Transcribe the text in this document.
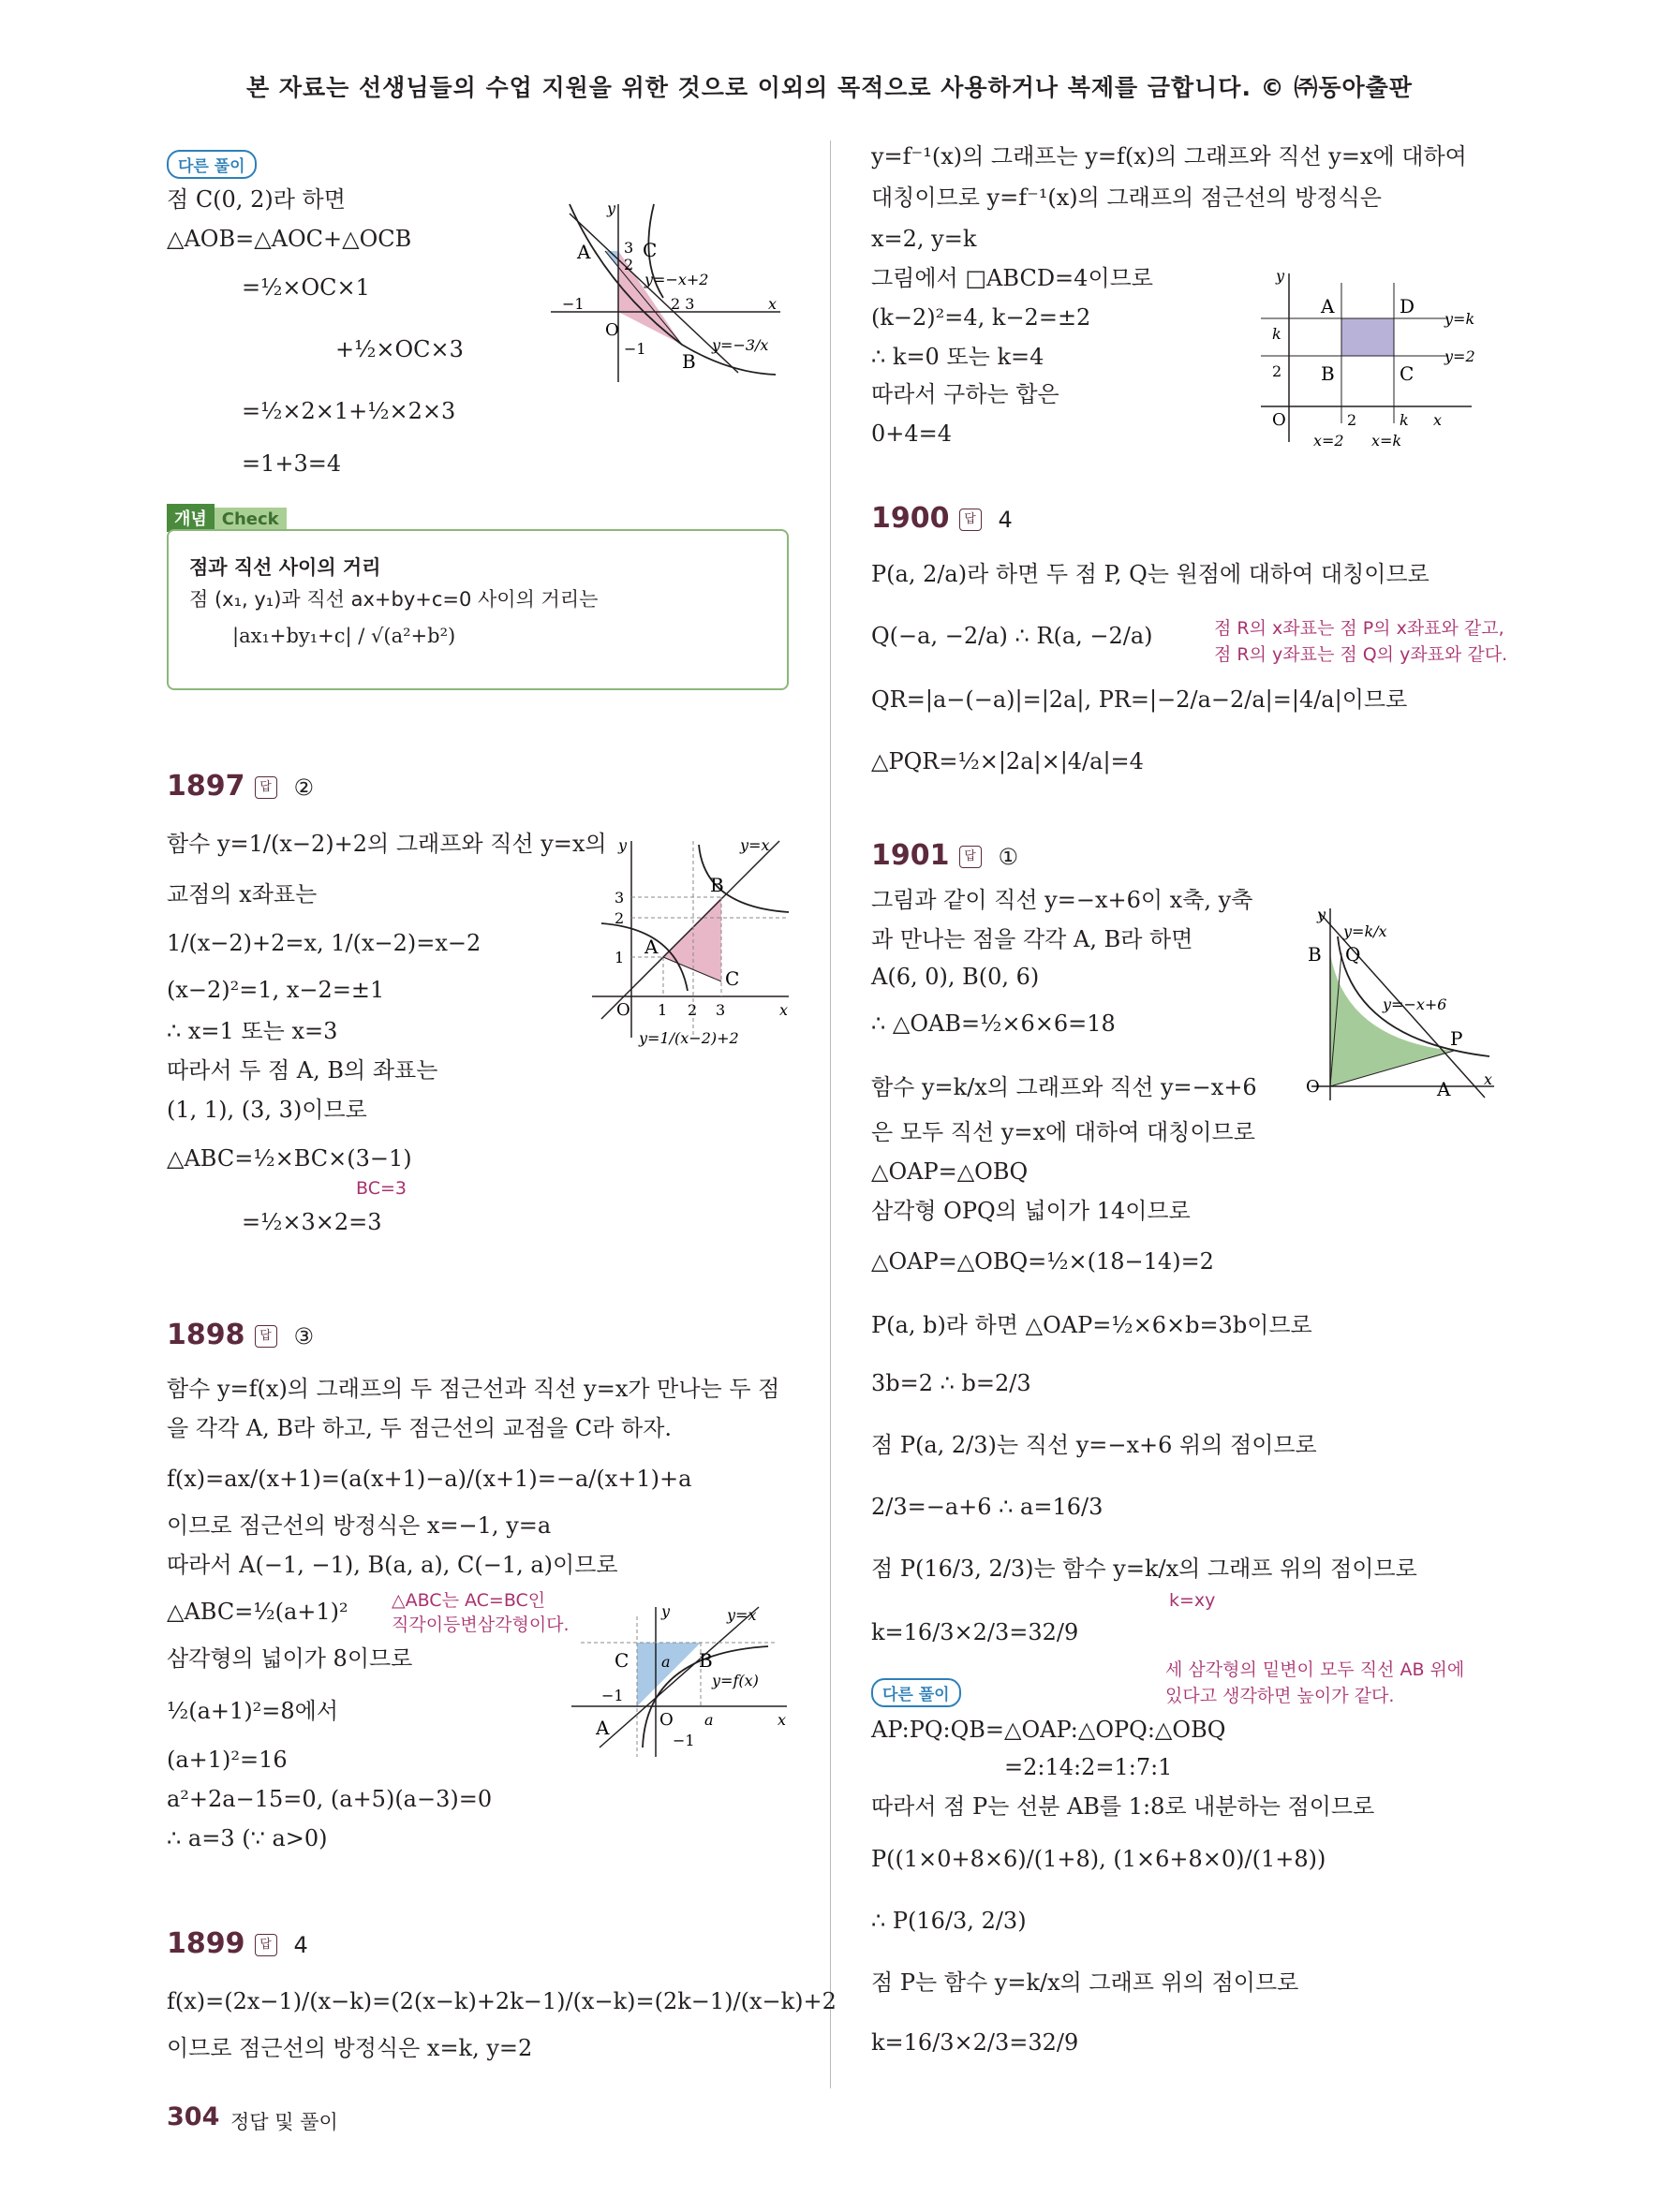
본 자료는 선생님들의 수업 지원을 위한 것으로 이외의 목적으로 사용하거나 복제를 금합니다. © ㈜동아출판
다른 풀이
점 C(0, 2)라 하면
△AOB=△AOC+△OCB
=½×OC×1
+½×OC×3
=½×2×1+½×2×3
=1+3=4
A
B
C
O
y
x
−1
3
2
2 3
−1
y=−x+2
y=−3/x
개념 Check
점과 직선 사이의 거리
점 (x₁, y₁)과 직선 ax+by+c=0 사이의 거리는
|ax₁+by₁+c| / √(a²+b²)
1897 답 ②
함수 y=1/(x−2)+2의 그래프와 직선 y=x의
교점의 x좌표는
1/(x−2)+2=x, 1/(x−2)=x−2
(x−2)²=1, x−2=±1
∴ x=1 또는 x=3
따라서 두 점 A, B의 좌표는
(1, 1), (3, 3)이므로
△ABC=½×BC×(3−1)
BC=3
=½×3×2=3
A
B
C
O
y
x
1
2
3
1 2 3
y=x
y=1/(x−2)+2
1898 답 ③
함수 y=f(x)의 그래프의 두 점근선과 직선 y=x가 만나는 두 점
을 각각 A, B라 하고, 두 점근선의 교점을 C라 하자.
f(x)=ax/(x+1)=(a(x+1)−a)/(x+1)=−a/(x+1)+a
이므로 점근선의 방정식은 x=−1, y=a
따라서 A(−1, −1), B(a, a), C(−1, a)이므로
△ABC=½(a+1)² △ABC는 AC=BC인
직각이등변삼각형이다.
삼각형의 넓이가 8이므로
½(a+1)²=8에서
(a+1)²=16
a²+2a−15=0, (a+5)(a−3)=0
∴ a=3 (∵ a>0)
C	B
A	O
y
x
a
a
−1
−1
y=x
y=f(x)
1899 답 4
f(x)=(2x−1)/(x−k)=(2(x−k)+2k−1)/(x−k)=(2k−1)/(x−k)+2
이므로 점근선의 방정식은 x=k, y=2
y=f⁻¹(x)의 그래프는 y=f(x)의 그래프와 직선 y=x에 대하여
대칭이므로 y=f⁻¹(x)의 그래프의 점근선의 방정식은
x=2, y=k
그림에서 □ABCD=4이므로
(k−2)²=4, k−2=±2
∴ k=0 또는 k=4
따라서 구하는 합은
0+4=4
A	D
B	C
O
y
x
k
2
2	k
y=k
y=2
x=2 x=k
1900 답 4
P(a, 2/a)라 하면 두 점 P, Q는 원점에 대하여 대칭이므로
Q(−a, −2/a) ∴ R(a, −2/a)	점 R의 x좌표는 점 P의 x좌표와 같고,
점 R의 y좌표는 점 Q의 y좌표와 같다.
QR=|a−(−a)|=|2a|, PR=|−2/a−2/a|=|4/a|이므로
△PQR=½×|2a|×|4/a|=4
1901 답 ①
그림과 같이 직선 y=−x+6이 x축, y축
과 만나는 점을 각각 A, B라 하면
A(6, 0), B(0, 6)
∴ △OAB=½×6×6=18
함수 y=k/x의 그래프와 직선 y=−x+6
은 모두 직선 y=x에 대하여 대칭이므로
△OAP=△OBQ
삼각형 OPQ의 넓이가 14이므로
△OAP=△OBQ=½×(18−14)=2
P(a, b)라 하면 △OAP=½×6×b=3b이므로
3b=2 ∴ b=2/3
점 P(a, 2/3)는 직선 y=−x+6 위의 점이므로
2/3=−a+6 ∴ a=16/3
점 P(16/3, 2/3)는 함수 y=k/x의 그래프 위의 점이므로
k=xy
k=16/3×2/3=32/9
B Q
P
A
O
y
x
y=−x+6
y=k/x
다른 풀이
세 삼각형의 밑변이 모두 직선 AB 위에
있다고 생각하면 높이가 같다.
AP:PQ:QB=△OAP:△OPQ:△OBQ
=2:14:2=1:7:1
따라서 점 P는 선분 AB를 1:8로 내분하는 점이므로
P((1×0+8×6)/(1+8), (1×6+8×0)/(1+8))
∴ P(16/3, 2/3)
점 P는 함수 y=k/x의 그래프 위의 점이므로
k=16/3×2/3=32/9
304 정답 및 풀이
